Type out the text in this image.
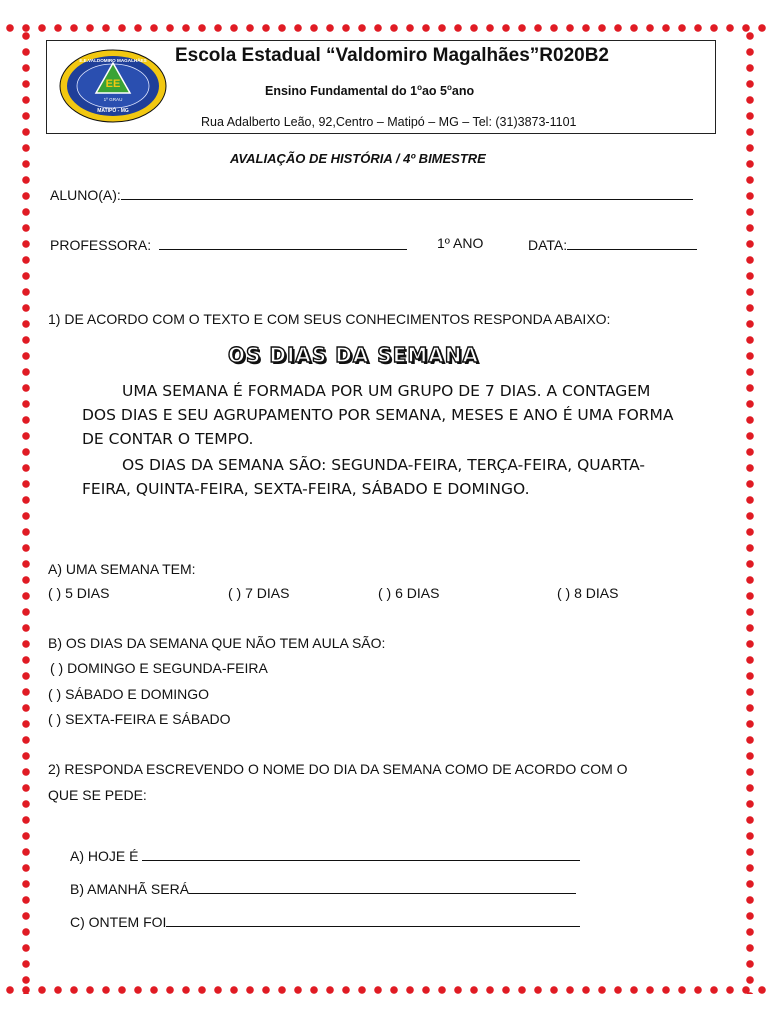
EE
E.E.VALDOMIRO MAGALHÃES
1º GRAU
MATIPÓ - MG
Escola Estadual “Valdomiro Magalhães”R020B2
Ensino Fundamental do 1$^o$ao 5$^o$ano
Rua Adalberto Leão, 92,Centro – Matipó – MG – Tel: (31)3873-1101
AVALIAÇÃO DE HISTÓRIA / 4º BIMESTRE
ALUNO(A):
PROFESSORA:	1º ANO	DATA:
1) DE ACORDO COM O TEXTO E COM SEUS CONHECIMENTOS RESPONDA ABAIXO:
OS DIAS DA SEMANA

UMA SEMANA É FORMADA POR UM GRUPO DE 7 DIAS. A CONTAGEM DOS DIAS E SEU AGRUPAMENTO POR SEMANA, MESES E ANO É UMA FORMA DE CONTAR O TEMPO.

OS DIAS DA SEMANA SÃO: SEGUNDA-FEIRA, TERÇA-FEIRA, QUARTA-FEIRA, QUINTA-FEIRA, SEXTA-FEIRA, SÁBADO E DOMINGO.

A) UMA SEMANA TEM:
( ) 5 DIAS	( ) 7 DIAS	( ) 6 DIAS	( ) 8 DIAS
B) OS DIAS DA SEMANA QUE NÃO TEM AULA SÃO:
( ) DOMINGO E SEGUNDA-FEIRA
( ) SÁBADO E DOMINGO
( ) SEXTA-FEIRA E SÁBADO
2) RESPONDA ESCREVENDO O NOME DO DIA DA SEMANA COMO DE ACORDO COM O
QUE SE PEDE:
A) HOJE É
B) AMANHÃ SERÁ
C) ONTEM FOI
